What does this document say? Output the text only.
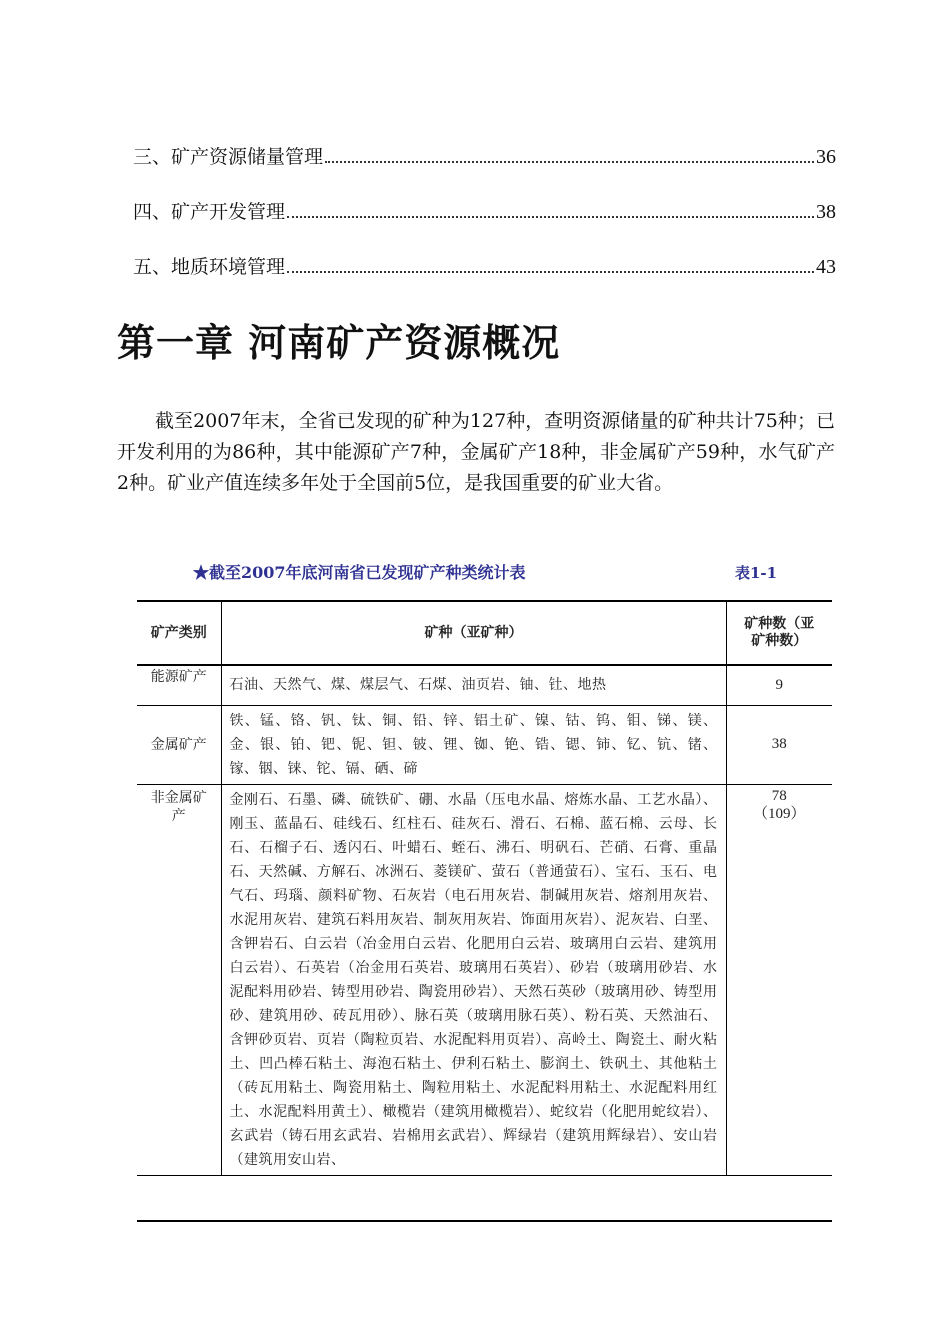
三、矿产资源储量管理	36
四、矿产开发管理	38
五、地质环境管理	43
第一章 河南矿产资源概况

截至2007年末，全省已发现的矿种为127种，查明资源储量的矿种共计75种；已开发利用的为86种，其中能源矿产7种，金属矿产18种，非金属矿产59种，水气矿产2种。矿业产值连续多年处于全国前5位，是我国重要的矿业大省。

★截至2007年底河南省已发现矿产种类统计表	表1-1
矿产类别	矿种（亚矿种）	矿种数（亚矿种数）
能源矿产	石油、天然气、煤、煤层气、石煤、油页岩、铀、钍、地热	9

金属矿产	铁、锰、铬、钒、钛、铜、铅、锌、铝土矿、镍、钴、钨、钼、锑、镁、金、银、铂、钯、铌、钽、铍、锂、铷、铯、锆、锶、铈、钇、钪、锗、镓、铟、铼、铊、镉、硒、碲	38

非金属矿产	金刚石、石墨、磷、硫铁矿、硼、水晶（压电水晶、熔炼水晶、工艺水晶）、刚玉、蓝晶石、硅线石、红柱石、硅灰石、滑石、石棉、蓝石棉、云母、长石、石榴子石、透闪石、叶蜡石、蛭石、沸石、明矾石、芒硝、石膏、重晶石、天然碱、方解石、冰洲石、菱镁矿、萤石（普通萤石）、宝石、玉石、电气石、玛瑙、颜料矿物、石灰岩（电石用灰岩、制碱用灰岩、熔剂用灰岩、水泥用灰岩、建筑石料用灰岩、制灰用灰岩、饰面用灰岩）、泥灰岩、白垩、含钾岩石、白云岩（冶金用白云岩、化肥用白云岩、玻璃用白云岩、建筑用白云岩）、石英岩（冶金用石英岩、玻璃用石英岩）、砂岩（玻璃用砂岩、水泥配料用砂岩、铸型用砂岩、陶瓷用砂岩）、天然石英砂（玻璃用砂、铸型用砂、建筑用砂、砖瓦用砂）、脉石英（玻璃用脉石英）、粉石英、天然油石、含钾砂页岩、页岩（陶粒页岩、水泥配料用页岩）、高岭土、陶瓷土、耐火粘土、凹凸棒石粘土、海泡石粘土、伊利石粘土、膨润土、铁矾土、其他粘土（砖瓦用粘土、陶瓷用粘土、陶粒用粘土、水泥配料用粘土、水泥配料用红土、水泥配料用黄土）、橄榄岩（建筑用橄榄岩）、蛇纹岩（化肥用蛇纹岩）、玄武岩（铸石用玄武岩、岩棉用玄武岩）、辉绿岩（建筑用辉绿岩）、安山岩（建筑用安山岩、	78
（109）
